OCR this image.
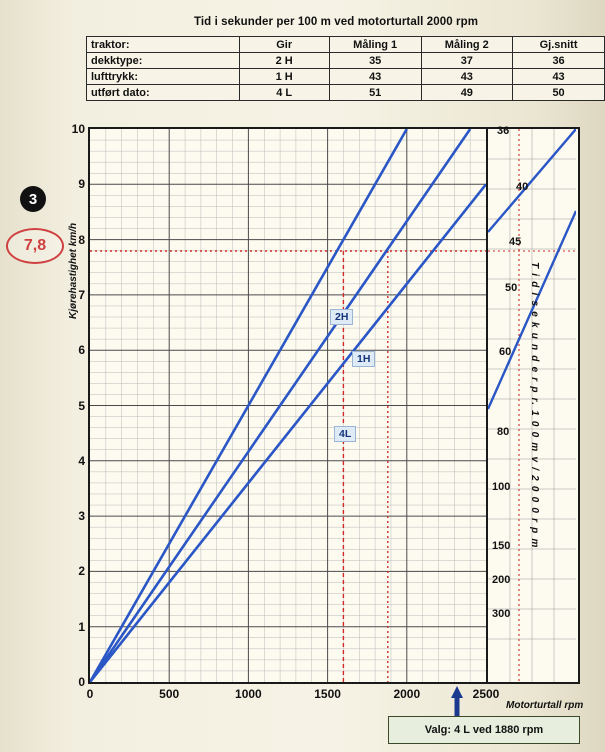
Tid i sekunder per 100 m ved motorturtall 2000 rpm
traktor:	Gir	Måling 1	Måling 2	Gj.snitt
dekktype:	2 H	35	37	36
lufttrykk:	1 H	43	43	43
utført dato:	4 L	51	49	50
0
1
2
3
4
5
6
7
8
9
10
0	500	1000	1500	2000	2500
Kjørehastighet km/h	2H
1H
4L
36
40
45
50
60
80
100
150
200
300
T i d i s e k u n d e r p r. 1 0 0 m v / 2 0 0 0 r p m
Motorturtall rpm
3
7,8
Valg: 4 L ved 1880 rpm
